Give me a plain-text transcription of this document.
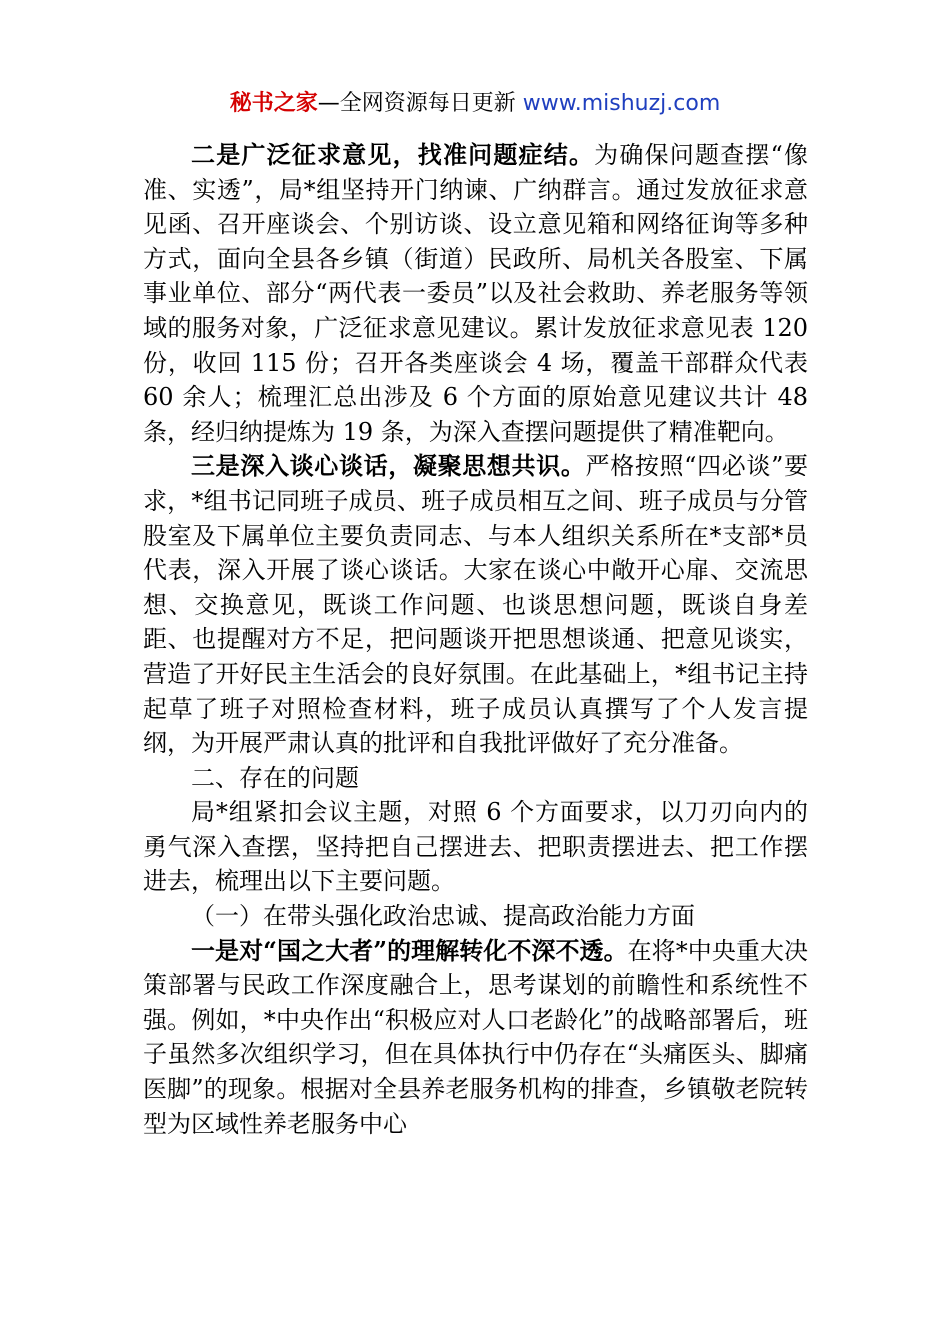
秘书之家—全网资源每日更新 www.mishuzj.com

二是广泛征求意见，找准问题症结。为确保问题查摆“像准、实透”，局*组坚持开门纳谏、广纳群言。通过发放征求意见函、召开座谈会、个别访谈、设立意见箱和网络征询等多种方式，面向全县各乡镇（街道）民政所、局机关各股室、下属事业单位、部分“两代表一委员”以及社会救助、养老服务等领域的服务对象，广泛征求意见建议。累计发放征求意见表 120 份，收回 115 份；召开各类座谈会 4 场，覆盖干部群众代表 60 余人；梳理汇总出涉及 6 个方面的原始意见建议共计 48 条，经归纳提炼为 19 条，为深入查摆问题提供了精准靶向。

三是深入谈心谈话，凝聚思想共识。严格按照“四必谈”要求，*组书记同班子成员、班子成员相互之间、班子成员与分管股室及下属单位主要负责同志、与本人组织关系所在*支部*员代表，深入开展了谈心谈话。大家在谈心中敞开心扉、交流思想、交换意见，既谈工作问题、也谈思想问题，既谈自身差距、也提醒对方不足，把问题谈开把思想谈通、把意见谈实，营造了开好民主生活会的良好氛围。在此基础上，*组书记主持起草了班子对照检查材料，班子成员认真撰写了个人发言提纲，为开展严肃认真的批评和自我批评做好了充分准备。

二、存在的问题

局*组紧扣会议主题，对照 6 个方面要求，以刀刃向内的勇气深入查摆，坚持把自己摆进去、把职责摆进去、把工作摆进去，梳理出以下主要问题。

（一）在带头强化政治忠诚、提高政治能力方面

一是对“国之大者”的理解转化不深不透。在将*中央重大决策部署与民政工作深度融合上，思考谋划的前瞻性和系统性不强。例如，*中央作出“积极应对人口老龄化”的战略部署后，班子虽然多次组织学习，但在具体执行中仍存在“头痛医头、脚痛医脚”的现象。根据对全县养老服务机构的排查，乡镇敬老院转型为区域性养老服务中心
